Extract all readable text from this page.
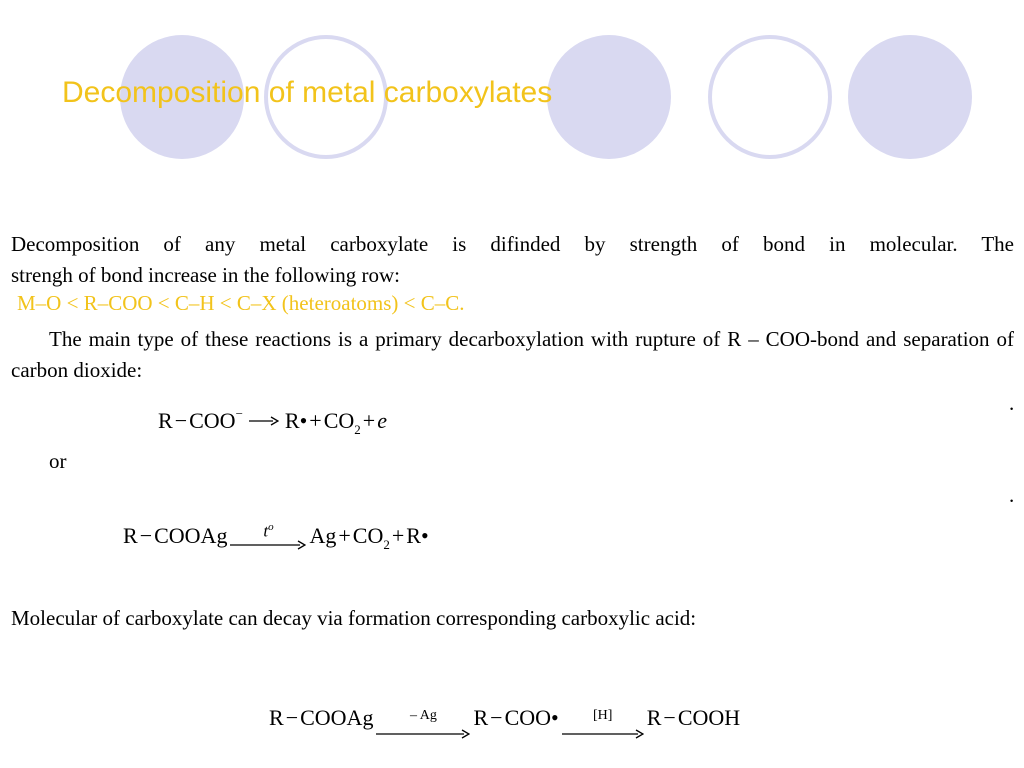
Decomposition of metal carboxylates
Decomposition of any metal carboxylate is difinded by strength of bond in molecular. The
strengh of bond increase in the following row:
M–O < R–COO < C–H < C–X (heteroatoms) < C–C.
The main type of these reactions is a primary decarboxylation with rupture of R – COO-bond and separation of carbon dioxide:
.
R − COO − → R • + CO 2 + e
or
.
R − COOAg $t^o$ Ag + CO 2 + R •
Molecular of carboxylate can decay via formation corresponding carboxylic acid:
R − COOAg	– Ag R − COO • [H] R − COOH
